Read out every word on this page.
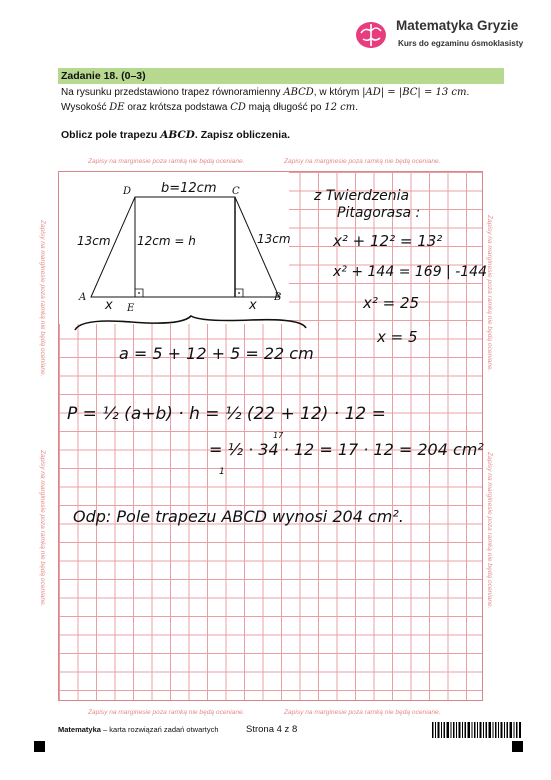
Matematyka Gryzie
Kurs do egzaminu ósmoklasisty
Zadanie 18. (0–3)
Na rysunku przedstawiono trapez równoramienny ABCD, w którym |AD| = |BC| = 13 cm.
Wysokość DE oraz krótsza podstawa CD mają długość po 12 cm.
Oblicz pole trapezu ABCD. Zapisz obliczenia.
Zapisy na marginesie poza ramką nie będą oceniane.	Zapisy na marginesie poza ramką nie będą oceniane.
Zapisy na marginesie poza ramką nie będą oceniane.	Zapisy na marginesie poza ramką nie będą oceniane.
Zapisy na marginesie poza ramką nie będą oceniane.
Zapisy na marginesie poza ramką nie będą oceniane.
Zapisy na marginesie poza ramką nie będą oceniane.
Zapisy na marginesie poza ramką nie będą oceniane.
D	C
A	B
E
b=12cm
13cm	13cm
12cm = h
x	x
z Twierdzenia
Pitagorasa :
x² + 12² = 13²
x² + 144 = 169 | -144
x² = 25
x = 5
a = 5 + 12 + 5 = 22 cm
P = ½ (a+b) · h = ½ (22 + 12) · 12 =
= ½ · 34 · 12 = 17 · 12 = 204 cm²
17
1
Odp: Pole trapezu ABCD wynosi 204 cm².
Matematyka – karta rozwiązań zadań otwartych	Strona 4 z 8
